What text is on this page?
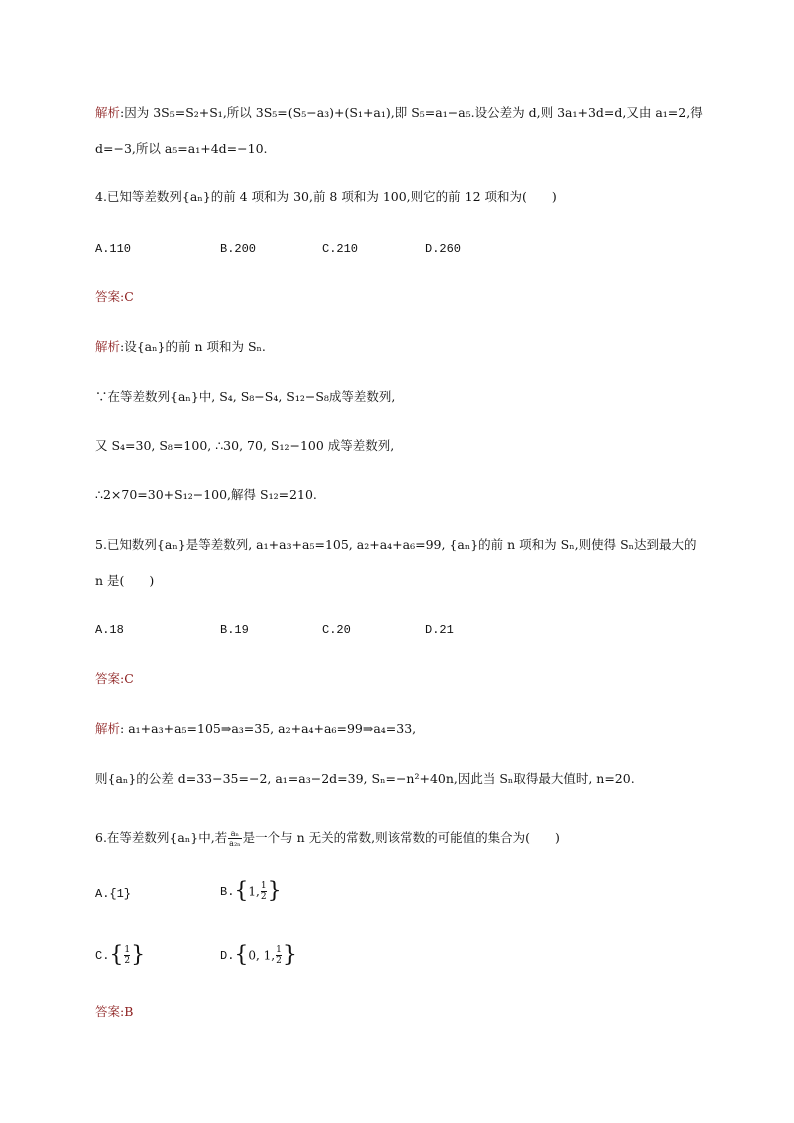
解析:因为 3S₅=S₂+S₁,所以 3S₅=(S₅−a₃)+(S₁+a₁),即 S₅=a₁−a₅.设公差为 d,则 3a₁+3d=d,又由 a₁=2,得
d=−3,所以 a₅=a₁+4d=−10.
4.已知等差数列{aₙ}的前 4 项和为 30,前 8 项和为 100,则它的前 12 项和为(　　)
A.110	B.200	C.210	D.260
答案:C
解析:设{aₙ}的前 n 项和为 Sₙ.
∵在等差数列{aₙ}中, S₄, S₈−S₄, S₁₂−S₈成等差数列,
又 S₄=30, S₈=100, ∴30, 70, S₁₂−100 成等差数列,
∴2×70=30+S₁₂−100,解得 S₁₂=210.
5.已知数列{aₙ}是等差数列, a₁+a₃+a₅=105, a₂+a₄+a₆=99, {aₙ}的前 n 项和为 Sₙ,则使得 Sₙ达到最大的
n 是(　　)
A.18	B.19	C.20	D.21
答案:C
解析: a₁+a₃+a₅=105⇒a₃=35, a₂+a₄+a₆=99⇒a₄=33,
则{aₙ}的公差 d=33−35=−2, a₁=a₃−2d=39, Sₙ=−n²+40n,因此当 Sₙ取得最大值时, n=20.
6.在等差数列{aₙ}中,若 $\frac{\text{aₙ}}{\text{a₂ₙ}}$ 是一个与 n 无关的常数,则该常数的可能值的集合为(　　)
A.{1}	B.{1, $\frac{1}{2}$ }
$C.\{ \frac{1}{2}$ }	D.{0, 1, $\frac{1}{2}$ }
答案:B
